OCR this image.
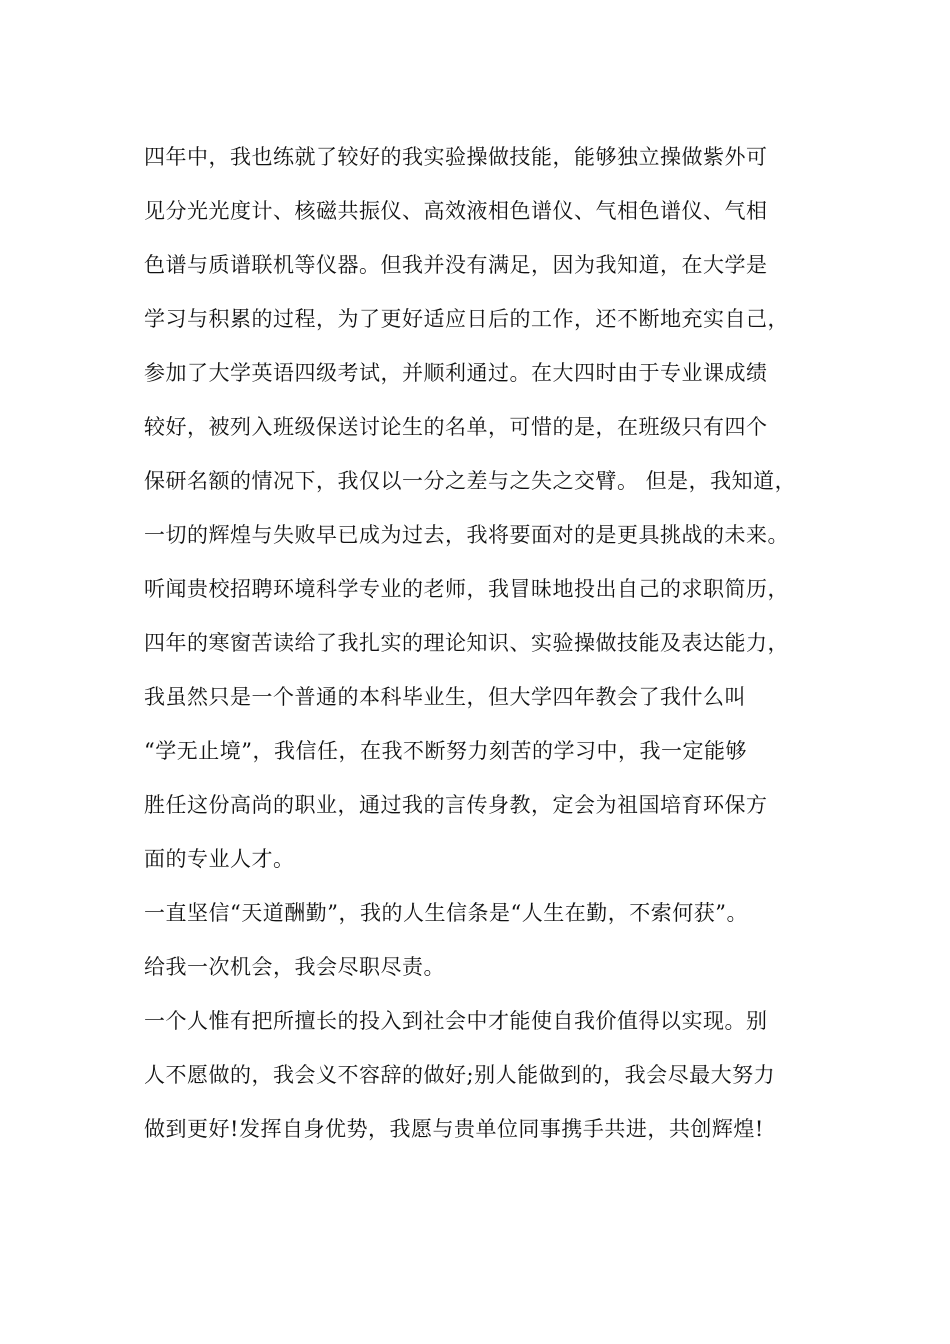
四年中，我也练就了较好的我实验操做技能，能够独立操做紫外可
见分光光度计、核磁共振仪、高效液相色谱仪、气相色谱仪、气相
色谱与质谱联机等仪器。但我并没有满足，因为我知道，在大学是
学习与积累的过程，为了更好适应日后的工作，还不断地充实自己，
参加了大学英语四级考试，并顺利通过。在大四时由于专业课成绩
较好，被列入班级保送讨论生的名单，可惜的是，在班级只有四个
保研名额的情况下，我仅以一分之差与之失之交臂。 但是，我知道，
一切的辉煌与失败早已成为过去，我将要面对的是更具挑战的未来。
听闻贵校招聘环境科学专业的老师，我冒昧地投出自己的求职简历，
四年的寒窗苦读给了我扎实的理论知识、实验操做技能及表达能力，
我虽然只是一个普通的本科毕业生，但大学四年教会了我什么叫
“学无止境”，我信任，在我不断努力刻苦的学习中，我一定能够
胜任这份高尚的职业，通过我的言传身教，定会为祖国培育环保方
面的专业人才。
一直坚信“天道酬勤”，我的人生信条是“人生在勤，不索何获”。
给我一次机会，我会尽职尽责。
一个人惟有把所擅长的投入到社会中才能使自我价值得以实现。别
人不愿做的，我会义不容辞的做好;别人能做到的，我会尽最大努力
做到更好!发挥自身优势，我愿与贵单位同事携手共进，共创辉煌!
